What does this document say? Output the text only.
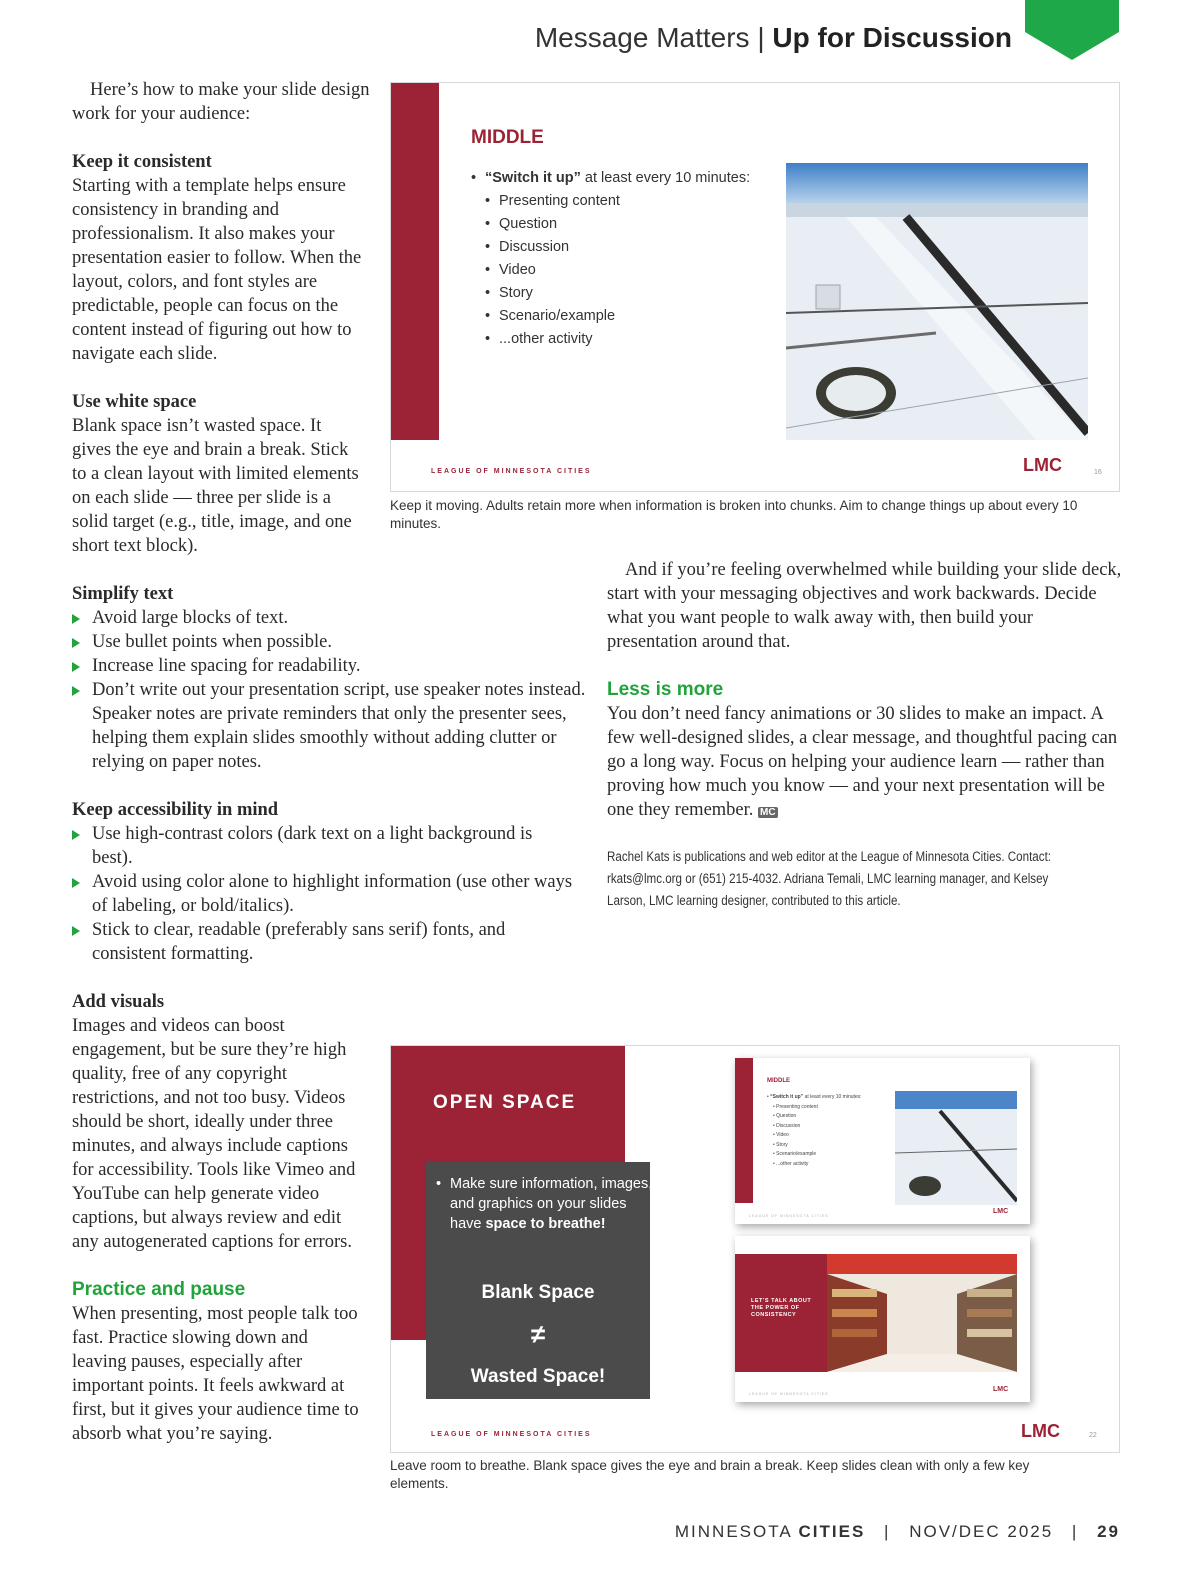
Message Matters | Up for Discussion

Here’s how to make your slide design work for your audience:

Keep it consistent

Starting with a template helps ensure consistency in branding and professionalism. It also makes your presentation easier to follow. When the layout, colors, and font styles are predictable, people can focus on the content instead of figuring out how to navigate each slide.

Use white space

Blank space isn’t wasted space. It gives the eye and brain a break. Stick to a clean layout with limited elements on each slide — three per slide is a solid target (e.g., title, image, and one short text block).

MIDDLE
• “Switch it up” at least every 10 minutes:
• Presenting content
• Question
• Discussion
• Video
• Story
• Scenario/example
• ...other activity
LEAGUE OF MINNESOTA CITIES	LMC	16
Keep it moving. Adults retain more when information is broken into chunks. Aim to change things up about every 10 minutes.
Simplify text
Avoid large blocks of text.
Use bullet points when possible.
Increase line spacing for readability.
Don’t write out your presentation script, use speaker notes instead. Speaker notes are private reminders that only the presenter sees, helping them explain slides smoothly without adding clutter or relying on paper notes.
Keep accessibility in mind
Use high-contrast colors (dark text on a light background is best).
Avoid using color alone to highlight information (use other ways of labeling, or bold/italics).
Stick to clear, readable (preferably sans serif) fonts, and consistent formatting.

And if you’re feeling overwhelmed while building your slide deck, start with your messaging objectives and work backwards. Decide what you want people to walk away with, then build your presentation around that.

Less is more

You don’t need fancy animations or 30 slides to make an impact. A few well-designed slides, a clear message, and thoughtful pacing can go a long way. Focus on helping your audience learn — rather than proving how much you know — and your next presentation will be one they remember. MC

Rachel Kats is publications and web editor at the League of Minnesota Cities. Contact: rkats@lmc.org or (651) 215-4032. Adriana Temali, LMC learning manager, and Kelsey Larson, LMC learning designer, contributed to this article.
Add visuals

Images and videos can boost engagement, but be sure they’re high quality, free of any copyright restrictions, and not too busy. Videos should be short, ideally under three minutes, and always include captions for accessibility. Tools like Vimeo and YouTube can help generate video captions, but always review and edit any autogenerated captions for errors.

Practice and pause

When presenting, most people talk too fast. Practice slowing down and leaving pauses, especially after important points. It feels awkward at first, but it gives your audience time to absorb what you’re saying.

OPEN SPACE
• Make sure information, images, and graphics on your slides have space to breathe!
Blank Space
≠
Wasted Space!
MIDDLE
• “Switch it up” at least every 10 minutes:
• Presenting content
• Question
• Discussion
• Video
• Story
• Scenario/example
• ...other activity
LEAGUE OF MINNESOTA CITIES
LMC
LET’S TALK ABOUT THE POWER OF CONSISTENCY
LEAGUE OF MINNESOTA CITIES
LMC
LEAGUE OF MINNESOTA CITIES	LMC	22
Leave room to breathe. Blank space gives the eye and brain a break. Keep slides clean with only a few key elements.
MINNESOTA CITIES | NOV/DEC 2025 | 29
